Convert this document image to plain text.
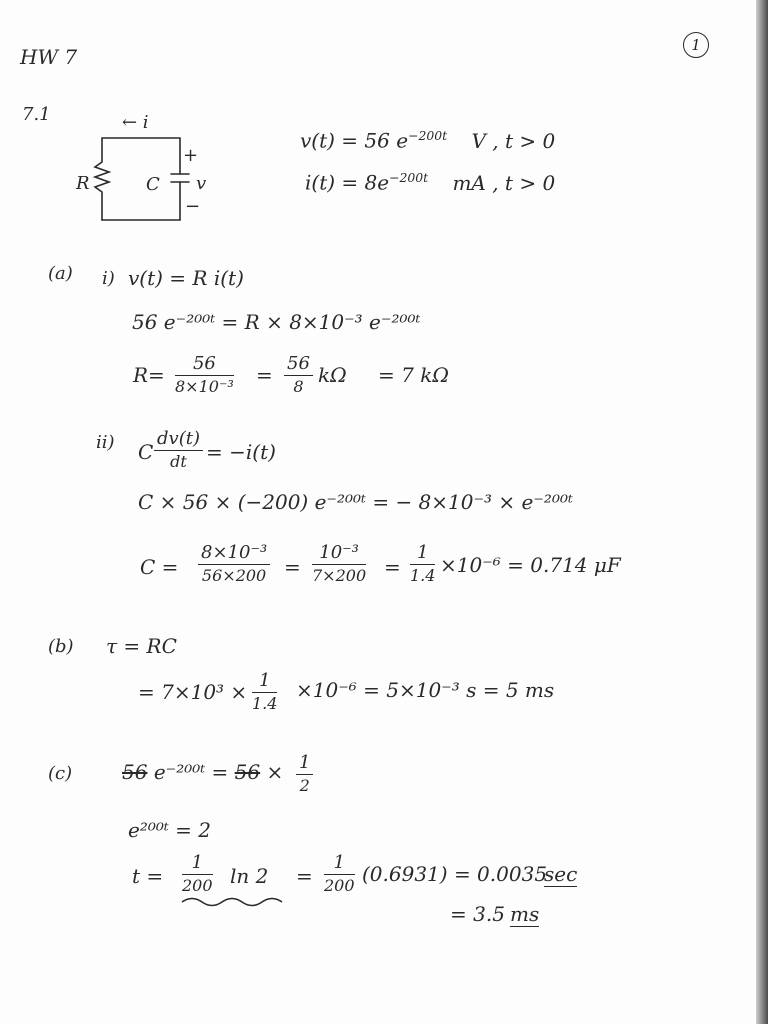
HW 7	1
7.1	← i
R	C v
+
−
v(t) = 56 $e^{-200t}$ V , t > 0
$i(t) = 8e^{-200t}$ mA , t > 0
(a) i) v(t) = R i(t)
56 e⁻²⁰⁰ᵗ = R × 8×10⁻³ e⁻²⁰⁰ᵗ
$R= \frac{56}{\text{8×10⁻³}} = \frac{56}{8}$ kΩ = 7 kΩ
ii) C $\frac{dv(t)}{dt} = -i(t)$
C × 56 × (−200) e⁻²⁰⁰ᵗ = − 8×10⁻³ × e⁻²⁰⁰ᵗ
$C = \frac{\text{8×10⁻³}}{56\times 200} = \frac{\text{10⁻³}}{7\times 200} = \frac{1}{1.4} \times 10^{-6} = 0.714$ μF
(b) τ = RC
= $7\times 10^3 \times \frac{1}{1.4} \times 10^{-6} = 5\times 10^{-3}$ s = 5 ms
(c) 56 e⁻²⁰⁰ᵗ = $56 \times \frac{1}{2}$
e²⁰⁰ᵗ = 2
$t = \frac{1}{200}$ $\ln 2 = \frac{1}{200} (0.6931) = 0.0035$
sec
= 3.5 ms
